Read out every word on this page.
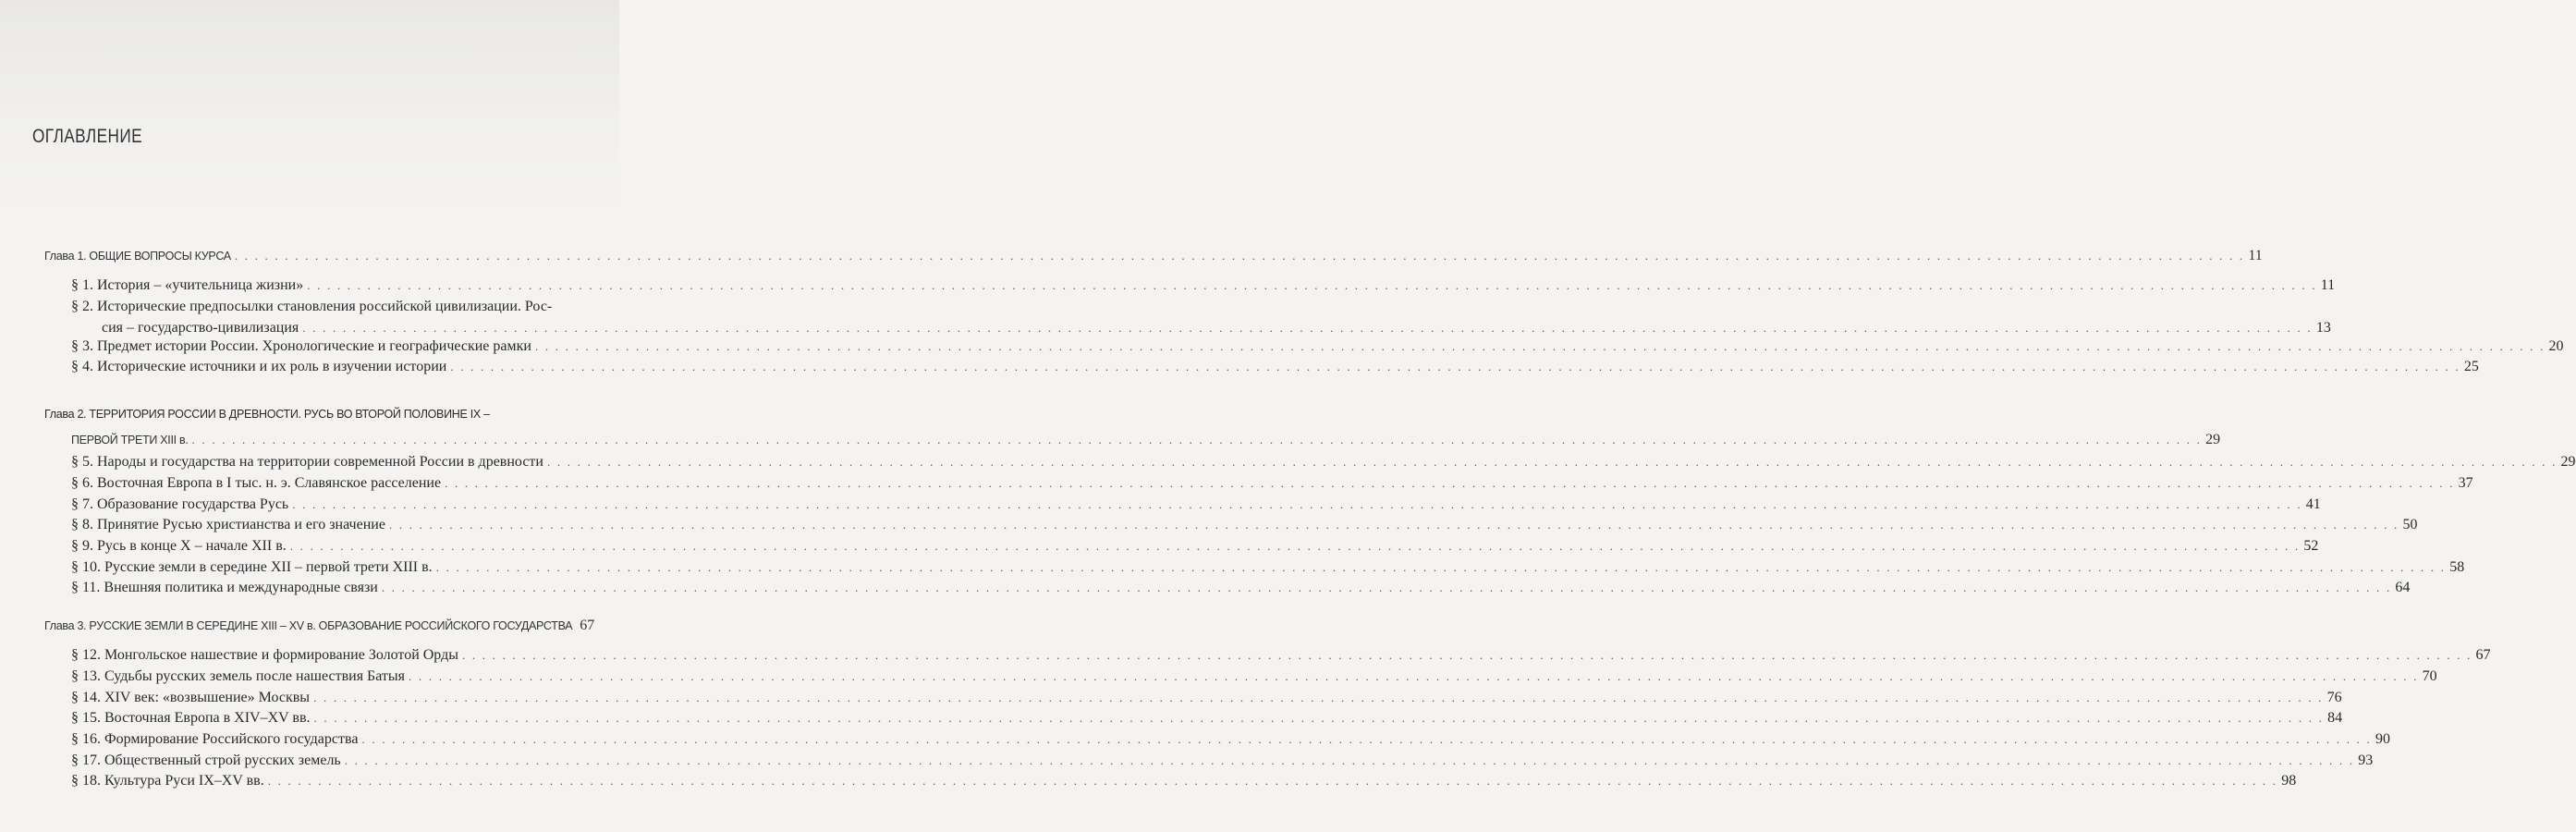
ОГЛАВЛЕНИЕ
Глава 1. ОБЩИЕ ВОПРОСЫ КУРСА . . . . . . . . . . . . . . . . . . . . . . . . . . . . . . . . . . . . . . . . . . . . . . . . . . . . . . . . . . . . . . . . . . . . . . . . . . . . . . . . . . . . . . . . . . . . . . . . . . . . . . . . . . . . . . . . . . . . . . . . . . . . . . . . . . . . . . . . . . . . . . . . . . . . . . . . . . . . . . . . . . . . . . . . . . . . . . . . . . . . . . . . . . . . . . . . . . . . . . . . 11
§ 1. История – «учительница жизни» . . . . . . . . . . . . . . . . . . . . . . . . . . . . . . . . . . . . . . . . . . . . . . . . . . . . . . . . . . . . . . . . . . . . . . . . . . . . . . . . . . . . . . . . . . . . . . . . . . . . . . . . . . . . . . . . . . . . . . . . . . . . . . . . . . . . . . . . . . . . . . . . . . . . . . . . . . . . . . . . . . . . . . . . . . . . . . . . . . . . . . . . . . . . . . . . . . . . . . . . 11
§ 2. Исторические предпосылки становления российской цивилизации. Рос-
сия – государство-цивилизация . . . . . . . . . . . . . . . . . . . . . . . . . . . . . . . . . . . . . . . . . . . . . . . . . . . . . . . . . . . . . . . . . . . . . . . . . . . . . . . . . . . . . . . . . . . . . . . . . . . . . . . . . . . . . . . . . . . . . . . . . . . . . . . . . . . . . . . . . . . . . . . . . . . . . . . . . . . . . . . . . . . . . . . . . . . . . . . . . . . . . . . . . . . . . . . . . . . . . . . . 13
§ 3. Предмет истории России. Хронологические и географические рамки . . . . . . . . . . . . . . . . . . . . . . . . . . . . . . . . . . . . . . . . . . . . . . . . . . . . . . . . . . . . . . . . . . . . . . . . . . . . . . . . . . . . . . . . . . . . . . . . . . . . . . . . . . . . . . . . . . . . . . . . . . . . . . . . . . . . . . . . . . . . . . . . . . . . . . . . . . . . . . . . . . . . . . . . . . . . . . . . . . . . . . . . . . . . . . . . . . . . . . . . 20
§ 4. Исторические источники и их роль в изучении истории . . . . . . . . . . . . . . . . . . . . . . . . . . . . . . . . . . . . . . . . . . . . . . . . . . . . . . . . . . . . . . . . . . . . . . . . . . . . . . . . . . . . . . . . . . . . . . . . . . . . . . . . . . . . . . . . . . . . . . . . . . . . . . . . . . . . . . . . . . . . . . . . . . . . . . . . . . . . . . . . . . . . . . . . . . . . . . . . . . . . . . . . . . . . . . . . . . . . . . . . 25
Глава 2. ТЕРРИТОРИЯ РОССИИ В ДРЕВНОСТИ. РУСЬ ВО ВТОРОЙ ПОЛОВИНЕ IX –
ПЕРВОЙ ТРЕТИ XIII в. . . . . . . . . . . . . . . . . . . . . . . . . . . . . . . . . . . . . . . . . . . . . . . . . . . . . . . . . . . . . . . . . . . . . . . . . . . . . . . . . . . . . . . . . . . . . . . . . . . . . . . . . . . . . . . . . . . . . . . . . . . . . . . . . . . . . . . . . . . . . . . . . . . . . . . . . . . . . . . . . . . . . . . . . . . . . . . . . . . . . . . . . . . . . . . . . . . . . . . . . 29
§ 5. Народы и государства на территории современной России в древности . . . . . . . . . . . . . . . . . . . . . . . . . . . . . . . . . . . . . . . . . . . . . . . . . . . . . . . . . . . . . . . . . . . . . . . . . . . . . . . . . . . . . . . . . . . . . . . . . . . . . . . . . . . . . . . . . . . . . . . . . . . . . . . . . . . . . . . . . . . . . . . . . . . . . . . . . . . . . . . . . . . . . . . . . . . . . . . . . . . . . . . . . . . . . . . . . . . . . . . . 29
§ 6. Восточная Европа в I тыс. н. э. Славянское расселение . . . . . . . . . . . . . . . . . . . . . . . . . . . . . . . . . . . . . . . . . . . . . . . . . . . . . . . . . . . . . . . . . . . . . . . . . . . . . . . . . . . . . . . . . . . . . . . . . . . . . . . . . . . . . . . . . . . . . . . . . . . . . . . . . . . . . . . . . . . . . . . . . . . . . . . . . . . . . . . . . . . . . . . . . . . . . . . . . . . . . . . . . . . . . . . . . . . . . . . . 37
§ 7. Образование государства Русь . . . . . . . . . . . . . . . . . . . . . . . . . . . . . . . . . . . . . . . . . . . . . . . . . . . . . . . . . . . . . . . . . . . . . . . . . . . . . . . . . . . . . . . . . . . . . . . . . . . . . . . . . . . . . . . . . . . . . . . . . . . . . . . . . . . . . . . . . . . . . . . . . . . . . . . . . . . . . . . . . . . . . . . . . . . . . . . . . . . . . . . . . . . . . . . . . . . . . . . . 41
§ 8. Принятие Русью христианства и его значение . . . . . . . . . . . . . . . . . . . . . . . . . . . . . . . . . . . . . . . . . . . . . . . . . . . . . . . . . . . . . . . . . . . . . . . . . . . . . . . . . . . . . . . . . . . . . . . . . . . . . . . . . . . . . . . . . . . . . . . . . . . . . . . . . . . . . . . . . . . . . . . . . . . . . . . . . . . . . . . . . . . . . . . . . . . . . . . . . . . . . . . . . . . . . . . . . . . . . . . . 50
§ 9. Русь в конце X – начале XII в. . . . . . . . . . . . . . . . . . . . . . . . . . . . . . . . . . . . . . . . . . . . . . . . . . . . . . . . . . . . . . . . . . . . . . . . . . . . . . . . . . . . . . . . . . . . . . . . . . . . . . . . . . . . . . . . . . . . . . . . . . . . . . . . . . . . . . . . . . . . . . . . . . . . . . . . . . . . . . . . . . . . . . . . . . . . . . . . . . . . . . . . . . . . . . . . . . . . . . . . . 52
§ 10. Русские земли в середине XII – первой трети XIII в. . . . . . . . . . . . . . . . . . . . . . . . . . . . . . . . . . . . . . . . . . . . . . . . . . . . . . . . . . . . . . . . . . . . . . . . . . . . . . . . . . . . . . . . . . . . . . . . . . . . . . . . . . . . . . . . . . . . . . . . . . . . . . . . . . . . . . . . . . . . . . . . . . . . . . . . . . . . . . . . . . . . . . . . . . . . . . . . . . . . . . . . . . . . . . . . . . . . . . . . . 58
§ 11. Внешняя политика и международные связи . . . . . . . . . . . . . . . . . . . . . . . . . . . . . . . . . . . . . . . . . . . . . . . . . . . . . . . . . . . . . . . . . . . . . . . . . . . . . . . . . . . . . . . . . . . . . . . . . . . . . . . . . . . . . . . . . . . . . . . . . . . . . . . . . . . . . . . . . . . . . . . . . . . . . . . . . . . . . . . . . . . . . . . . . . . . . . . . . . . . . . . . . . . . . . . . . . . . . . . . 64
Глава 3. РУССКИЕ ЗЕМЛИ В СЕРЕДИНЕ XIII – XV в. ОБРАЗОВАНИЕ РОССИЙСКОГО ГОСУДАРСТВА 67
§ 12. Монгольское нашествие и формирование Золотой Орды . . . . . . . . . . . . . . . . . . . . . . . . . . . . . . . . . . . . . . . . . . . . . . . . . . . . . . . . . . . . . . . . . . . . . . . . . . . . . . . . . . . . . . . . . . . . . . . . . . . . . . . . . . . . . . . . . . . . . . . . . . . . . . . . . . . . . . . . . . . . . . . . . . . . . . . . . . . . . . . . . . . . . . . . . . . . . . . . . . . . . . . . . . . . . . . . . . . . . . . . 67
§ 13. Судьбы русских земель после нашествия Батыя . . . . . . . . . . . . . . . . . . . . . . . . . . . . . . . . . . . . . . . . . . . . . . . . . . . . . . . . . . . . . . . . . . . . . . . . . . . . . . . . . . . . . . . . . . . . . . . . . . . . . . . . . . . . . . . . . . . . . . . . . . . . . . . . . . . . . . . . . . . . . . . . . . . . . . . . . . . . . . . . . . . . . . . . . . . . . . . . . . . . . . . . . . . . . . . . . . . . . . . . 70
§ 14. XIV век: «возвышение» Москвы . . . . . . . . . . . . . . . . . . . . . . . . . . . . . . . . . . . . . . . . . . . . . . . . . . . . . . . . . . . . . . . . . . . . . . . . . . . . . . . . . . . . . . . . . . . . . . . . . . . . . . . . . . . . . . . . . . . . . . . . . . . . . . . . . . . . . . . . . . . . . . . . . . . . . . . . . . . . . . . . . . . . . . . . . . . . . . . . . . . . . . . . . . . . . . . . . . . . . . . . 76
§ 15. Восточная Европа в XIV–XV вв. . . . . . . . . . . . . . . . . . . . . . . . . . . . . . . . . . . . . . . . . . . . . . . . . . . . . . . . . . . . . . . . . . . . . . . . . . . . . . . . . . . . . . . . . . . . . . . . . . . . . . . . . . . . . . . . . . . . . . . . . . . . . . . . . . . . . . . . . . . . . . . . . . . . . . . . . . . . . . . . . . . . . . . . . . . . . . . . . . . . . . . . . . . . . . . . . . . . . . . . . 84
§ 16. Формирование Российского государства . . . . . . . . . . . . . . . . . . . . . . . . . . . . . . . . . . . . . . . . . . . . . . . . . . . . . . . . . . . . . . . . . . . . . . . . . . . . . . . . . . . . . . . . . . . . . . . . . . . . . . . . . . . . . . . . . . . . . . . . . . . . . . . . . . . . . . . . . . . . . . . . . . . . . . . . . . . . . . . . . . . . . . . . . . . . . . . . . . . . . . . . . . . . . . . . . . . . . . . . 90
§ 17. Общественный строй русских земель . . . . . . . . . . . . . . . . . . . . . . . . . . . . . . . . . . . . . . . . . . . . . . . . . . . . . . . . . . . . . . . . . . . . . . . . . . . . . . . . . . . . . . . . . . . . . . . . . . . . . . . . . . . . . . . . . . . . . . . . . . . . . . . . . . . . . . . . . . . . . . . . . . . . . . . . . . . . . . . . . . . . . . . . . . . . . . . . . . . . . . . . . . . . . . . . . . . . . . . . 93
§ 18. Культура Руси IX–XV вв. . . . . . . . . . . . . . . . . . . . . . . . . . . . . . . . . . . . . . . . . . . . . . . . . . . . . . . . . . . . . . . . . . . . . . . . . . . . . . . . . . . . . . . . . . . . . . . . . . . . . . . . . . . . . . . . . . . . . . . . . . . . . . . . . . . . . . . . . . . . . . . . . . . . . . . . . . . . . . . . . . . . . . . . . . . . . . . . . . . . . . . . . . . . . . . . . . . . . . . . . 98
